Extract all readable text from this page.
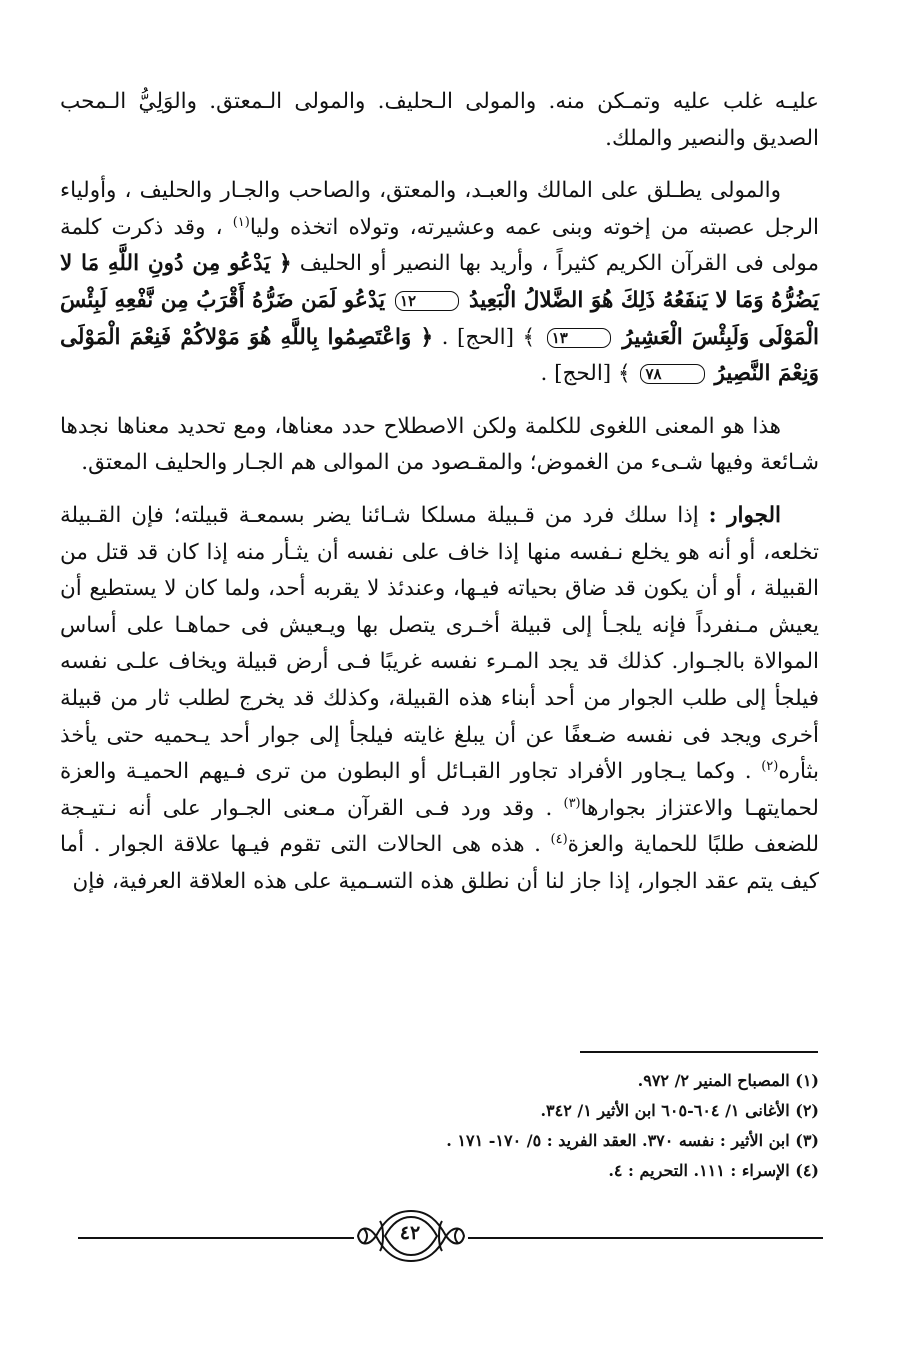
عليـه غلب عليه وتمـكن منه. والمولى الـحليف. والمولى الـمعتق. والوَلِيُّ الـمحب الصديق والنصير والملك.

والمولى يطـلق على المالك والعبـد، والمعتق، والصاحب والجـار والحليف ، وأولياء الرجل عصبته من إخوته وبنى عمه وعشيرته، وتولاه اتخذه وليا$^{(١)}$ ، وقد ذكرت كلمة مولى فى القرآن الكريم كثيراً ، وأريد بها النصير أو الحليف ﴿ يَدْعُو مِن دُونِ اللَّهِ مَا لا يَضُرُّهُ وَمَا لا يَنفَعُهُ ذَلِكَ هُوَ الضَّلالُ الْبَعِيدُ ١٢ يَدْعُو لَمَن ضَرُّهُ أَقْرَبُ مِن نَّفْعِهِ لَبِئْسَ الْمَوْلَى وَلَبِئْسَ الْعَشِيرُ ١٣ ﴾ [الحج] . ﴿ وَاعْتَصِمُوا بِاللَّهِ هُوَ مَوْلاكُمْ فَنِعْمَ الْمَوْلَى وَنِعْمَ النَّصِيرُ ٧٨ ﴾ [الحج] .

هذا هو المعنى اللغوى للكلمة ولكن الاصطلاح حدد معناها، ومع تحديد معناها نجدها شـائعة وفيها شـىء من الغموض؛ والمقـصود من الموالى هم الجـار والحليف المعتق.

الجوار : إذا سلك فرد من قـبيلة مسلكا شـائنا يضر بسمعـة قبيلته؛ فإن القـبيلة تخلعه، أو أنه هو يخلع نـفسه منها إذا خاف على نفسه أن يثـأر منه إذا كان قد قتل من القبيلة ، أو أن يكون قد ضاق بحياته فيـها، وعندئذ لا يقربه أحد، ولما كان لا يستطيع أن يعيش مـنفرداً فإنه يلجـأ إلى قبيلة أخـرى يتصل بها ويـعيش فى حماهـا على أساس الموالاة بالجـوار. كذلك قد يجد المـرء نفسه غريبًا فـى أرض قبيلة ويخاف علـى نفسه فيلجأ إلى طلب الجوار من أحد أبناء هذه القبيلة، وكذلك قد يخرج لطلب ثار من قبيلة أخرى ويجد فى نفسه ضـعفًا عن أن يبلغ غايته فيلجأ إلى جوار أحد يـحميه حتى يأخذ بثأره$^{(٢)}$ . وكما يـجاور الأفراد تجاور القبـائل أو البطون من ترى فـيهم الحميـة والعزة لحمايتهـا والاعتزاز بجوارها$^{(٣)}$ . وقد ورد فـى القرآن مـعنى الجـوار على أنه نـتيـجة للضعف طلبًا للحماية والعزة$^{(٤)}$ . هذه هى الحالات التى تقوم فيـها علاقة الجوار . أما كيف يتم عقد الجوار، إذا جاز لنا أن نطلق هذه التسـمية على هذه العلاقة العرفية، فإن

(١) المصباح المنير ٢/ ٩٧٢.
(٢) الأغانى ١/ ٦٠٤-٦٠٥ ابن الأثير ١/ ٣٤٢.
(٣) ابن الأثير : نفسه ٣٧٠. العقد الفريد : ٥/ ١٧٠- ١٧١ .
(٤) الإسراء : ١١١. التحريم : ٤.
٤٢
